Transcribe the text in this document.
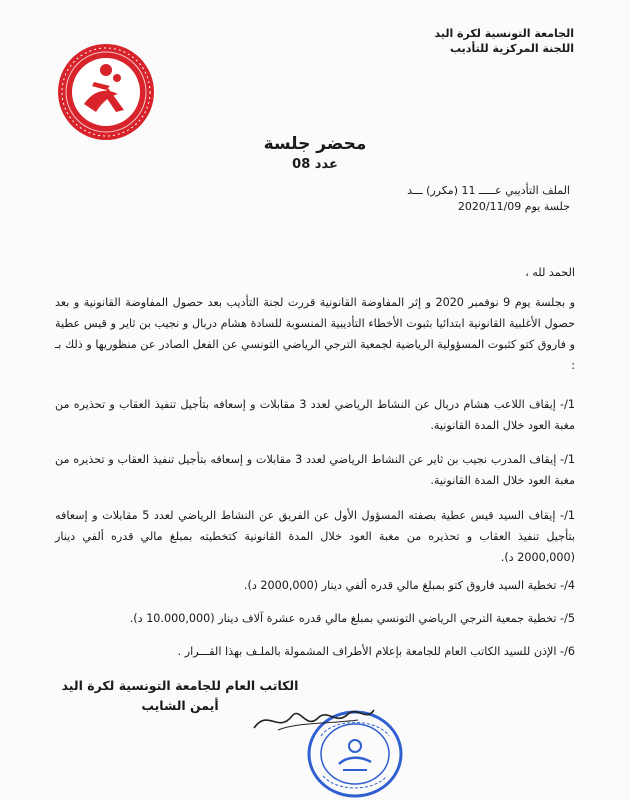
الجامعة التونسية لكرة اليد
اللجنة المركزية للتأديب
محضر جلسة
عدد 08
الملف التأديبي عـــــ 11 (مكرر) ـــد
جلسة يوم 2020/11/09

الحمد لله ،

و بجلسة يوم 9 نوفمبر 2020 و إثر المفاوضة القانونية قررت لجنة التأديب بعد حصول المفاوضة القانونية و بعد حصول الأغلبية القانونية ابتدائيا بثبوت الأخطاء التأديبية المنسوبة للسادة هشام دربال و نجيب بن ثاير و قيس عطية و فاروق كتو كثبوت المسؤولية الرياضية لجمعية الترجي الرياضي التونسي عن الفعل الصادر عن منظوريها و ذلك بـ :

1/- إيقاف اللاعب هشام دربال عن النشاط الرياضي لعدد 3 مقابلات و إسعافه بتأجيل تنفيذ العقاب و تحذيره من مغبة العود خلال المدة القانونية.

1/- إيقاف المدرب نجيب بن ثاير عن النشاط الرياضي لعدد 3 مقابلات و إسعافه بتأجيل تنفيذ العقاب و تحذيره من مغبة العود خلال المدة القانونية.

1/- إيقاف السيد قيس عطية بصفته المسؤول الأول عن الفريق عن النشاط الرياضي لعدد 5 مقابلات و إسعافه بتأجيل تنفيذ العقاب و تحذيره من مغبة العود خلال المدة القانونية كتخطيته بمبلغ مالي قدره ألفي دينار (2000,000 د).

4/- تخطية السيد فاروق كتو بمبلغ مالي قدره ألفي دينار (2000,000 د).

5/- تخطية جمعية الترجي الرياضي التونسي بمبلغ مالي قدره عشرة آلاف دينار (10.000,000 د).

6/- الإذن للسيد الكاتب العام للجامعة بإعلام الأطراف المشمولة بالملـف بهذا القـــرار .

الكاتب العام للجامعة التونسية لكرة اليد
أيمن الشايب
